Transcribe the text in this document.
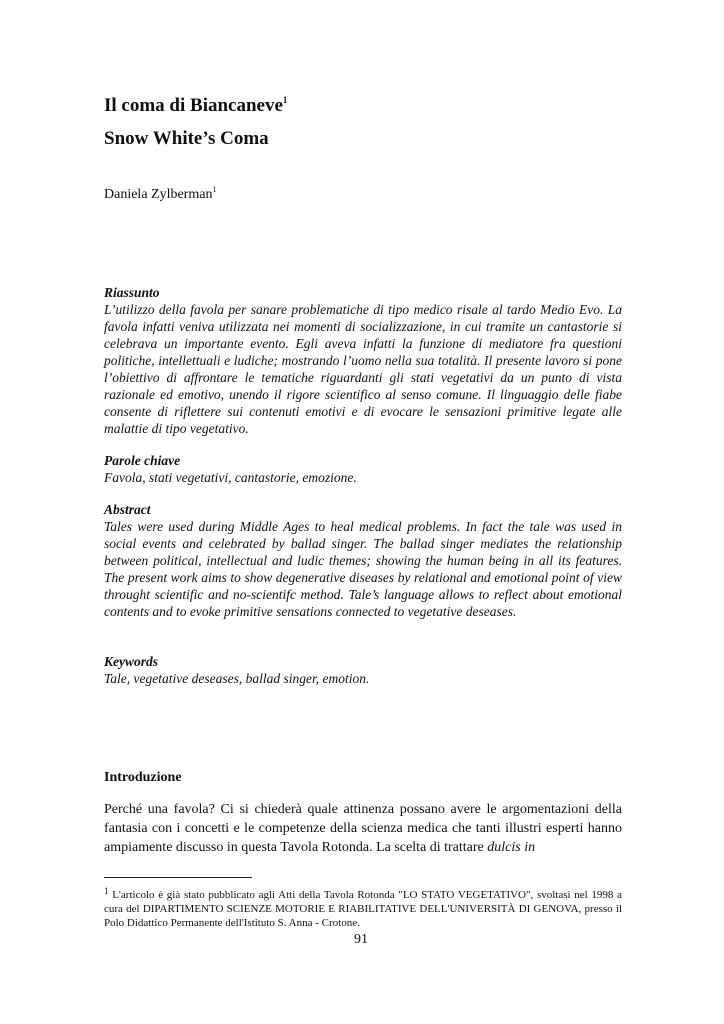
Il coma di Biancaneve$^1$
Snow White’s Coma
Daniela Zylberman$^1$

Riassunto

L’utilizzo della favola per sanare problematiche di tipo medico risale al tardo Medio Evo. La favola infatti veniva utilizzata nei momenti di socializzazione, in cui tramite un cantastorie si celebrava un importante evento. Egli aveva infatti la funzione di mediatore fra questioni politiche, intellettuali e ludiche; mostrando l’uomo nella sua totalità. Il presente lavoro si pone l’obiettivo di affrontare le tematiche riguardanti gli stati vegetativi da un punto di vista razionale ed emotivo, unendo il rigore scientifico al senso comune. Il linguaggio delle fiabe consente di riflettere sui contenuti emotivi e di evocare le sensazioni primitive legate alle malattie di tipo vegetativo.

Parole chiave

Favola, stati vegetativi, cantastorie, emozione.

Abstract

Tales were used during Middle Ages to heal medical problems. In fact the tale was used in social events and celebrated by ballad singer. The ballad singer mediates the relationship between political, intellectual and ludic themes; showing the human being in all its features. The present work aims to show degenerative diseases by relational and emotional point of view throught scientific and no-scientifc method. Tale’s language allows to reflect about emotional contents and to evoke primitive sensations connected to vegetative deseases.

Keywords

Tale, vegetative deseases, ballad singer, emotion.

Introduzione

Perché una favola? Ci si chiederà quale attinenza possano avere le argomentazioni della fantasia con i concetti e le competenze della scienza medica che tanti illustri esperti hanno ampiamente discusso in questa Tavola Rotonda. La scelta di trattare dulcis in

$^1$ L'articolo è già stato pubblicato agli Atti della Tavola Rotonda "LO STATO VEGETATIVO", svoltasi nel 1998 a cura del DIPARTIMENTO SCIENZE MOTORIE E RIABILITATIVE DELL'UNIVERSITÀ DI GENOVA, presso il Polo Didattico Permanente dell'Istituto S. Anna - Crotone.

91
